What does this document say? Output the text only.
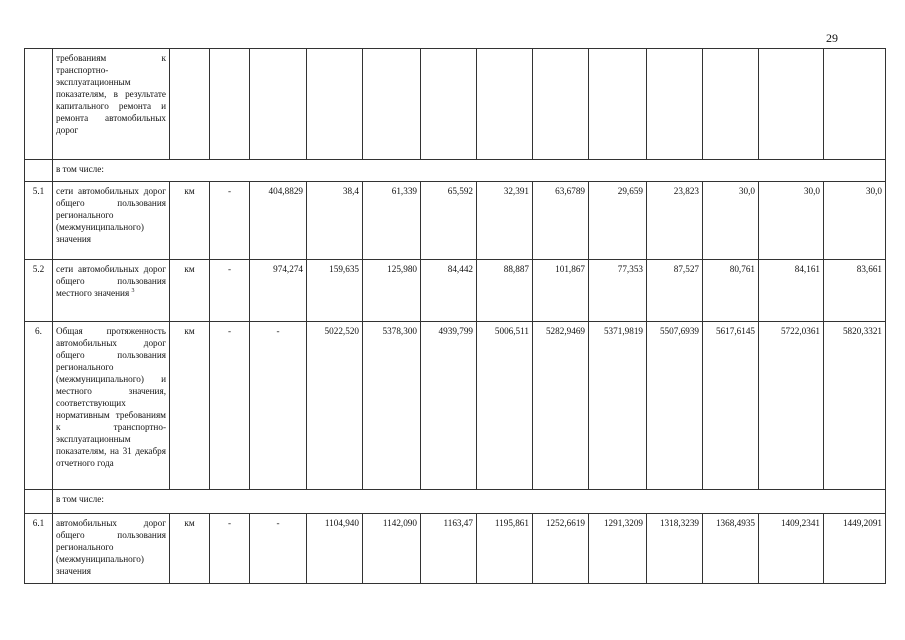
29
	требованиям к транспортно-эксплуатационным показателям, в результате капитального ремонта и ремонта автомобильных дорог													
	в том числе:													
5.1	сети автомобильных дорог общего пользования регионального (межмуниципального) значения	км	-	404,8829	38,4	61,339	65,592	32,391	63,6789	29,659	23,823	30,0	30,0	30,0
5.2	сети автомобильных дорог общего пользования местного значения $^3$	км	-	974,274	159,635	125,980	84,442	88,887	101,867	77,353	87,527	80,761	84,161	83,661
6.	Общая протяженность автомобильных дорог общего пользования регионального (межмуниципального) и местного значения, соответствующих нормативным требованиям к транспортно-эксплуатационным показателям, на 31 декабря отчетного года	км	-	-	5022,520	5378,300	4939,799	5006,511	5282,9469	5371,9819	5507,6939	5617,6145	5722,0361	5820,3321
	в том числе:													
6.1	автомобильных дорог общего пользования регионального (межмуниципального) значения	км	-	-	1104,940	1142,090	1163,47	1195,861	1252,6619	1291,3209	1318,3239	1368,4935	1409,2341	1449,2091
